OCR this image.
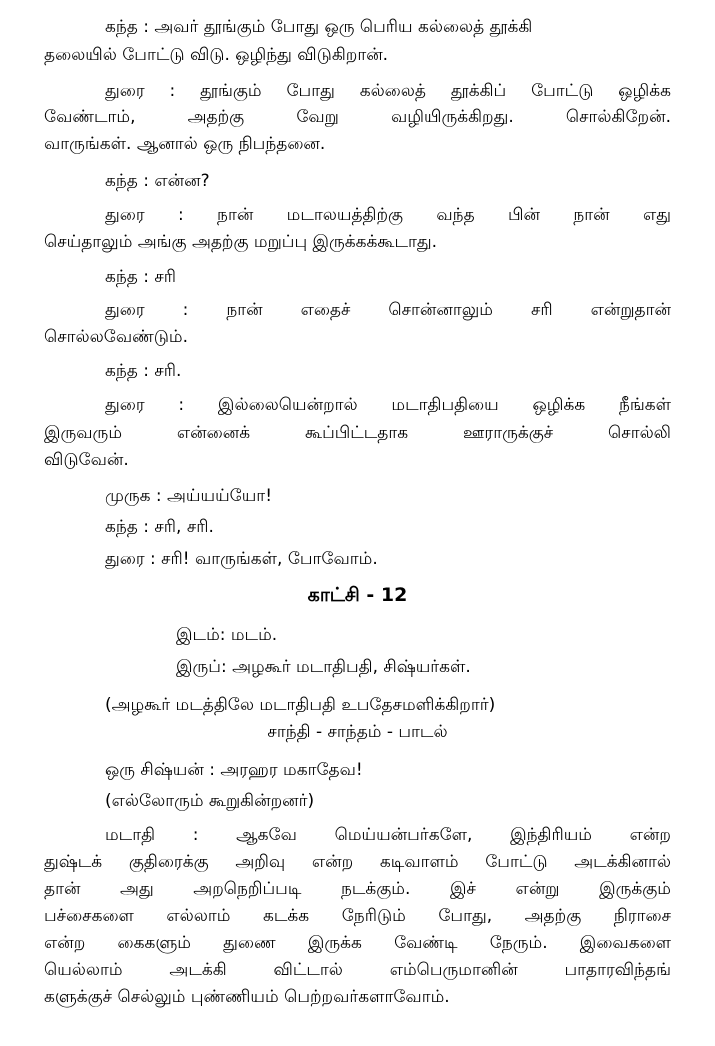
கந்த : அவர் தூங்கும் போது ஒரு பெரிய கல்லைத் தூக்கி
தலையில் போட்டு விடு. ஒழிந்து விடுகிறான்.
துரை : தூங்கும் போது கல்லைத் தூக்கிப் போட்டு ஒழிக்க
வேண்டாம், அதற்கு வேறு வழியிருக்கிறது. சொல்கிறேன்.
வாருங்கள். ஆனால் ஒரு நிபந்தனை.
கந்த : என்ன?
துரை : நான் மடாலயத்திற்கு வந்த பின் நான் எது
செய்தாலும் அங்கு அதற்கு மறுப்பு இருக்கக்கூடாது.
கந்த : சரி
துரை : நான் எதைச் சொன்னாலும் சரி என்றுதான்
சொல்லவேண்டும்.
கந்த : சரி.
துரை : இல்லையென்றால் மடாதிபதியை ஒழிக்க நீங்கள்
இருவரும் என்னைக் கூப்பிட்டதாக ஊராருக்குச் சொல்லி
விடுவேன்.
முருக : அய்யய்யோ!
கந்த : சரி, சரி.
துரை : சரி! வாருங்கள், போவோம்.
காட்சி - 12
இடம்: மடம்.
இருப்: அழகூர் மடாதிபதி, சிஷ்யர்கள்.
(அழகூர் மடத்திலே மடாதிபதி உபதேசமளிக்கிறார்)
சாந்தி - சாந்தம் - பாடல்
ஒரு சிஷ்யன் : அரஹர மகாதேவ!
(எல்லோரும் கூறுகின்றனர்)
மடாதி : ஆகவே மெய்யன்பர்களே, இந்திரியம் என்ற
துஷ்டக் குதிரைக்கு அறிவு என்ற கடிவாளம் போட்டு அடக்கினால்
தான் அது அறநெறிப்படி நடக்கும். இச் என்று இருக்கும்
பச்சைகளை எல்லாம் கடக்க நேரிடும் போது, அதற்கு நிராசை
என்ற கைகளும் துணை இருக்க வேண்டி நேரும். இவைகளை
யெல்லாம் அடக்கி விட்டால் எம்பெருமானின் பாதாரவிந்தங்
களுக்குச் செல்லும் புண்ணியம் பெற்றவர்களாவோம்.
